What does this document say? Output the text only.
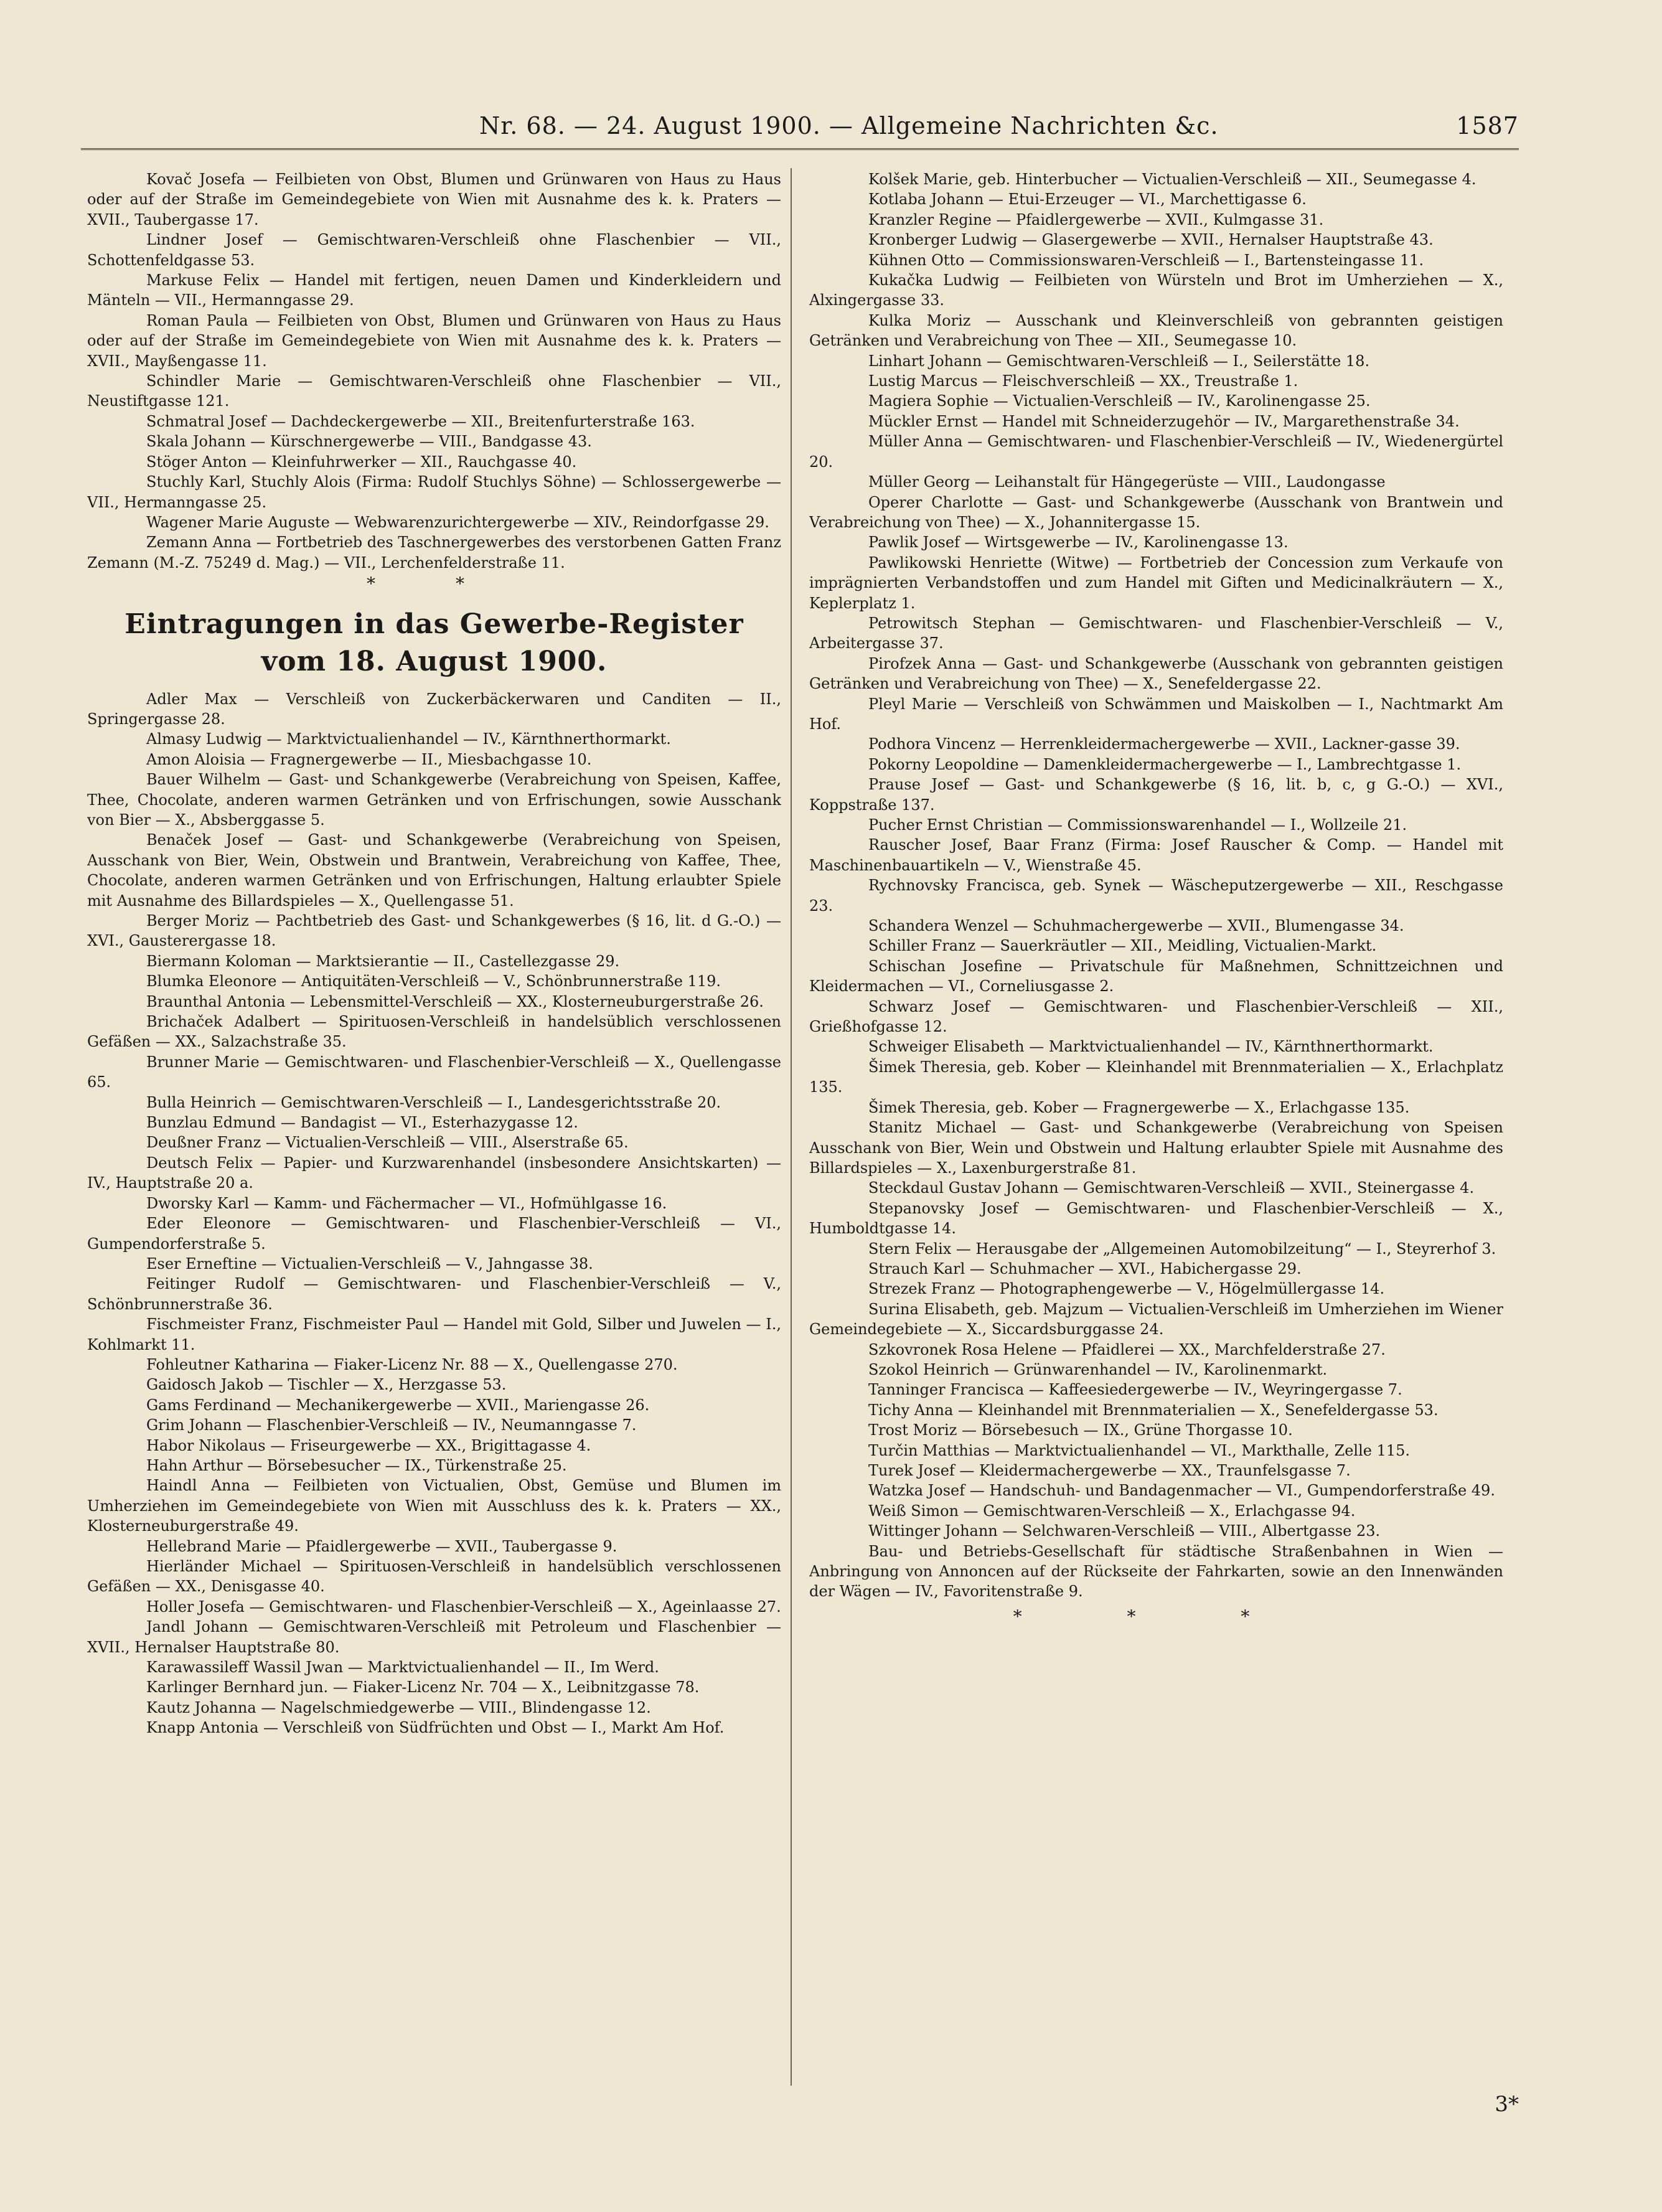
Nr. 68. — 24. August 1900. — Allgemeine Nachrichten &c.	1587

Kovač Josefa — Feilbieten von Obst, Blumen und Grünwaren von Haus zu Haus oder auf der Straße im Gemeindegebiete von Wien mit Ausnahme des k. k. Praters — XVII., Taubergasse 17.

Lindner Josef — Gemischtwaren-Verschleiß ohne Flaschenbier — VII., Schottenfeldgasse 53.

Markuse Felix — Handel mit fertigen, neuen Damen und Kinderkleidern und Mänteln — VII., Hermanngasse 29.

Roman Paula — Feilbieten von Obst, Blumen und Grünwaren von Haus zu Haus oder auf der Straße im Gemeindegebiete von Wien mit Ausnahme des k. k. Praters — XVII., Mayßengasse 11.

Schindler Marie — Gemischtwaren-Verschleiß ohne Flaschenbier — VII., Neustiftgasse 121.

Schmatral Josef — Dachdeckergewerbe — XII., Breitenfurterstraße 163.

Skala Johann — Kürschnergewerbe — VIII., Bandgasse 43.

Stöger Anton — Kleinfuhrwerker — XII., Rauchgasse 40.

Stuchly Karl, Stuchly Alois (Firma: Rudolf Stuchlys Söhne) — Schlossergewerbe — VII., Hermanngasse 25.

Wagener Marie Auguste — Webwarenzurichtergewerbe — XIV., Reindorfgasse 29.

Zemann Anna — Fortbetrieb des Taschnergewerbes des verstorbenen Gatten Franz Zemann (M.-Z. 75249 d. Mag.) — VII., Lerchenfelderstraße 11.

* *
Eintragungen in das Gewerbe-Register
vom 18. August 1900.

Adler Max — Verschleiß von Zuckerbäckerwaren und Canditen — II., Springergasse 28.

Almasy Ludwig — Marktvictualienhandel — IV., Kärnthnerthormarkt.

Amon Aloisia — Fragnergewerbe — II., Miesbachgasse 10.

Bauer Wilhelm — Gast- und Schankgewerbe (Verabreichung von Speisen, Kaffee, Thee, Chocolate, anderen warmen Getränken und von Erfrischungen, sowie Ausschank von Bier — X., Absberggasse 5.

Benaček Josef — Gast- und Schankgewerbe (Verabreichung von Speisen, Ausschank von Bier, Wein, Obstwein und Brantwein, Verabreichung von Kaffee, Thee, Chocolate, anderen warmen Getränken und von Erfrischungen, Haltung erlaubter Spiele mit Ausnahme des Billardspieles — X., Quellengasse 51.

Berger Moriz — Pachtbetrieb des Gast- und Schankgewerbes (§ 16, lit. d G.-O.) — XVI., Gausterergasse 18.

Biermann Koloman — Marktsierantie — II., Castellezgasse 29.

Blumka Eleonore — Antiquitäten-Verschleiß — V., Schönbrunnerstraße 119.

Braunthal Antonia — Lebensmittel-Verschleiß — XX., Klosterneuburgerstraße 26.

Brichaček Adalbert — Spirituosen-Verschleiß in handelsüblich verschlossenen Gefäßen — XX., Salzachstraße 35.

Brunner Marie — Gemischtwaren- und Flaschenbier-Verschleiß — X., Quellengasse 65.

Bulla Heinrich — Gemischtwaren-Verschleiß — I., Landesgerichtsstraße 20.

Bunzlau Edmund — Bandagist — VI., Esterhazygasse 12.

Deußner Franz — Victualien-Verschleiß — VIII., Alserstraße 65.

Deutsch Felix — Papier- und Kurzwarenhandel (insbesondere Ansichtskarten) — IV., Hauptstraße 20 a.

Dworsky Karl — Kamm- und Fächermacher — VI., Hofmühlgasse 16.

Eder Eleonore — Gemischtwaren- und Flaschenbier-Verschleiß — VI., Gumpendorferstraße 5.

Eser Erneftine — Victualien-Verschleiß — V., Jahngasse 38.

Feitinger Rudolf — Gemischtwaren- und Flaschenbier-Verschleiß — V., Schönbrunnerstraße 36.

Fischmeister Franz, Fischmeister Paul — Handel mit Gold, Silber und Juwelen — I., Kohlmarkt 11.

Fohleutner Katharina — Fiaker-Licenz Nr. 88 — X., Quellengasse 270.

Gaidosch Jakob — Tischler — X., Herzgasse 53.

Gams Ferdinand — Mechanikergewerbe — XVII., Mariengasse 26.

Grim Johann — Flaschenbier-Verschleiß — IV., Neumanngasse 7.

Habor Nikolaus — Friseurgewerbe — XX., Brigittagasse 4.

Hahn Arthur — Börsebesucher — IX., Türkenstraße 25.

Haindl Anna — Feilbieten von Victualien, Obst, Gemüse und Blumen im Umherziehen im Gemeindegebiete von Wien mit Ausschluss des k. k. Praters — XX., Klosterneuburgerstraße 49.

Hellebrand Marie — Pfaidlergewerbe — XVII., Taubergasse 9.

Hierländer Michael — Spirituosen-Verschleiß in handelsüblich verschlossenen Gefäßen — XX., Denisgasse 40.

Holler Josefa — Gemischtwaren- und Flaschenbier-Verschleiß — X., Ageinlaasse 27.

Jandl Johann — Gemischtwaren-Verschleiß mit Petroleum und Flaschenbier — XVII., Hernalser Hauptstraße 80.

Karawassileff Wassil Jwan — Marktvictualienhandel — II., Im Werd.

Karlinger Bernhard jun. — Fiaker-Licenz Nr. 704 — X., Leibnitzgasse 78.

Kautz Johanna — Nagelschmiedgewerbe — VIII., Blindengasse 12.

Knapp Antonia — Verschleiß von Südfrüchten und Obst — I., Markt Am Hof.

Kolšek Marie, geb. Hinterbucher — Victualien-Verschleiß — XII., Seumegasse 4.

Kotlaba Johann — Etui-Erzeuger — VI., Marchettigasse 6.

Kranzler Regine — Pfaidlergewerbe — XVII., Kulmgasse 31.

Kronberger Ludwig — Glasergewerbe — XVII., Hernalser Hauptstraße 43.

Kühnen Otto — Commissionswaren-Verschleiß — I., Bartensteingasse 11.

Kukačka Ludwig — Feilbieten von Würsteln und Brot im Umherziehen — X., Alxingergasse 33.

Kulka Moriz — Ausschank und Kleinverschleiß von gebrannten geistigen Getränken und Verabreichung von Thee — XII., Seumegasse 10.

Linhart Johann — Gemischtwaren-Verschleiß — I., Seilerstätte 18.

Lustig Marcus — Fleischverschleiß — XX., Treustraße 1.

Magiera Sophie — Victualien-Verschleiß — IV., Karolinengasse 25.

Mückler Ernst — Handel mit Schneiderzugehör — IV., Margarethenstraße 34.

Müller Anna — Gemischtwaren- und Flaschenbier-Verschleiß — IV., Wiedenergürtel 20.

Müller Georg — Leihanstalt für Hängegerüste — VIII., Laudongasse

Operer Charlotte — Gast- und Schankgewerbe (Ausschank von Brantwein und Verabreichung von Thee) — X., Johannitergasse 15.

Pawlik Josef — Wirtsgewerbe — IV., Karolinengasse 13.

Pawlikowski Henriette (Witwe) — Fortbetrieb der Concession zum Verkaufe von imprägnierten Verbandstoffen und zum Handel mit Giften und Medicinalkräutern — X., Keplerplatz 1.

Petrowitsch Stephan — Gemischtwaren- und Flaschenbier-Verschleiß — V., Arbeitergasse 37.

Pirofzek Anna — Gast- und Schankgewerbe (Ausschank von gebrannten geistigen Getränken und Verabreichung von Thee) — X., Senefeldergasse 22.

Pleyl Marie — Verschleiß von Schwämmen und Maiskolben — I., Nachtmarkt Am Hof.

Podhora Vincenz — Herrenkleidermachergewerbe — XVII., Lackner-gasse 39.

Pokorny Leopoldine — Damenkleidermachergewerbe — I., Lambrechtgasse 1.

Prause Josef — Gast- und Schankgewerbe (§ 16, lit. b, c, g G.-O.) — XVI., Koppstraße 137.

Pucher Ernst Christian — Commissionswarenhandel — I., Wollzeile 21.

Rauscher Josef, Baar Franz (Firma: Josef Rauscher & Comp. — Handel mit Maschinenbauartikeln — V., Wienstraße 45.

Rychnovsky Francisca, geb. Synek — Wäscheputzergewerbe — XII., Reschgasse 23.

Schandera Wenzel — Schuhmachergewerbe — XVII., Blumengasse 34.

Schiller Franz — Sauerkräutler — XII., Meidling, Victualien-Markt.

Schischan Josefine — Privatschule für Maßnehmen, Schnittzeichnen und Kleidermachen — VI., Corneliusgasse 2.

Schwarz Josef — Gemischtwaren- und Flaschenbier-Verschleiß — XII., Grießhofgasse 12.

Schweiger Elisabeth — Marktvictualienhandel — IV., Kärnthnerthormarkt.

Šimek Theresia, geb. Kober — Kleinhandel mit Brennmaterialien — X., Erlachplatz 135.

Šimek Theresia, geb. Kober — Fragnergewerbe — X., Erlachgasse 135.

Stanitz Michael — Gast- und Schankgewerbe (Verabreichung von Speisen Ausschank von Bier, Wein und Obstwein und Haltung erlaubter Spiele mit Ausnahme des Billardspieles — X., Laxenburgerstraße 81.

Steckdaul Gustav Johann — Gemischtwaren-Verschleiß — XVII., Steinergasse 4.

Stepanovsky Josef — Gemischtwaren- und Flaschenbier-Verschleiß — X., Humboldtgasse 14.

Stern Felix — Herausgabe der „Allgemeinen Automobilzeitung“ — I., Steyrerhof 3.

Strauch Karl — Schuhmacher — XVI., Habichergasse 29.

Strezek Franz — Photographengewerbe — V., Högelmüllergasse 14.

Surina Elisabeth, geb. Majzum — Victualien-Verschleiß im Umherziehen im Wiener Gemeindegebiete — X., Siccardsburggasse 24.

Szkovronek Rosa Helene — Pfaidlerei — XX., Marchfelderstraße 27.

Szokol Heinrich — Grünwarenhandel — IV., Karolinenmarkt.

Tanninger Francisca — Kaffeesiedergewerbe — IV., Weyringergasse 7.

Tichy Anna — Kleinhandel mit Brennmaterialien — X., Senefeldergasse 53.

Trost Moriz — Börsebesuch — IX., Grüne Thorgasse 10.

Turčin Matthias — Marktvictualienhandel — VI., Markthalle, Zelle 115.

Turek Josef — Kleidermachergewerbe — XX., Traunfelsgasse 7.

Watzka Josef — Handschuh- und Bandagenmacher — VI., Gumpendorferstraße 49.

Weiß Simon — Gemischtwaren-Verschleiß — X., Erlachgasse 94.

Wittinger Johann — Selchwaren-Verschleiß — VIII., Albertgasse 23.

Bau- und Betriebs-Gesellschaft für städtische Straßenbahnen in Wien — Anbringung von Annoncen auf der Rückseite der Fahrkarten, sowie an den Innenwänden der Wägen — IV., Favoritenstraße 9.

* * *
3*
